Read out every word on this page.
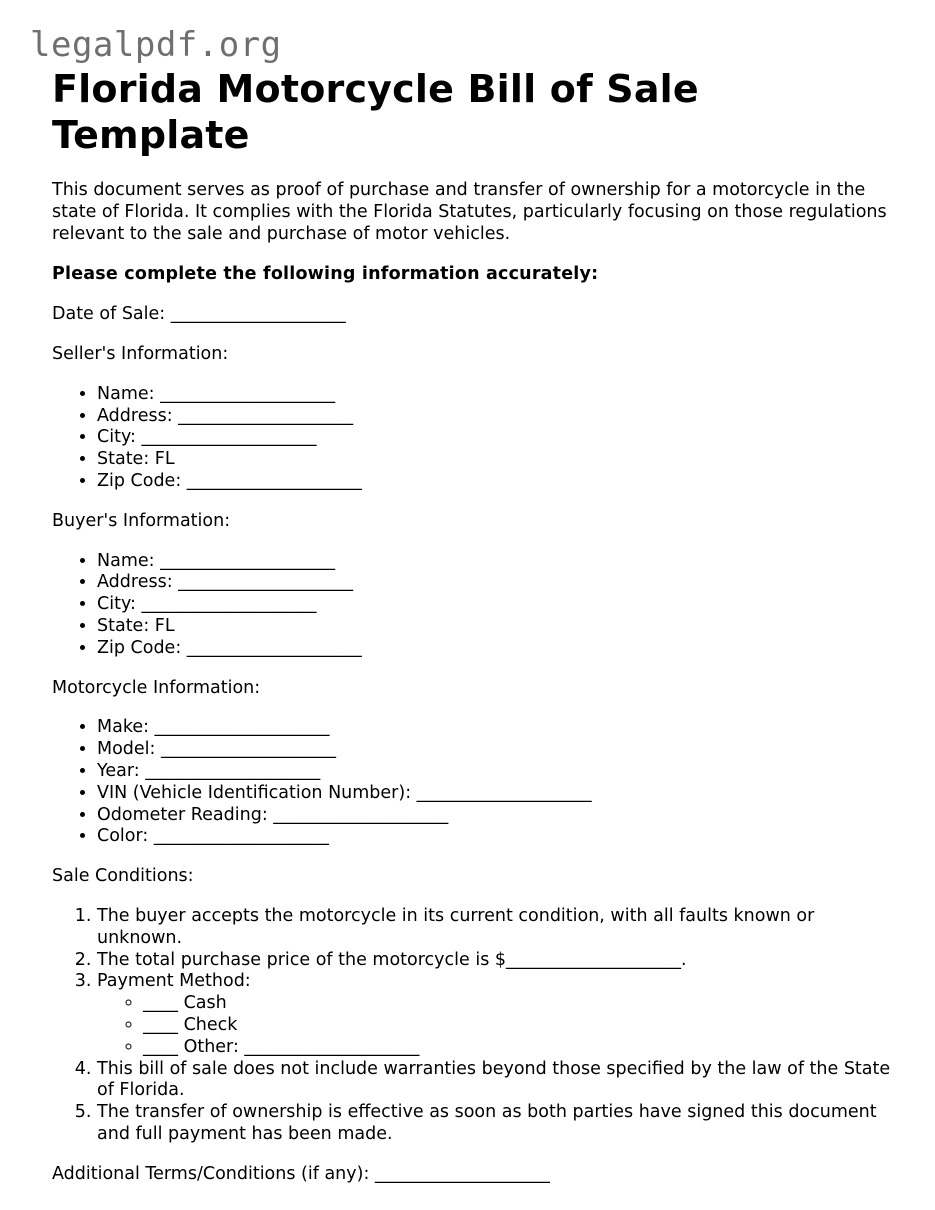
legalpdf.org
Florida Motorcycle Bill of Sale Template

This document serves as proof of purchase and transfer of ownership for a motorcycle in the state of Florida. It complies with the Florida Statutes, particularly focusing on those regulations relevant to the sale and purchase of motor vehicles.

Please complete the following information accurately:

Date of Sale: ____________________

Seller's Information:

• Name: ____________________
• Address: ____________________
• City: ____________________
• State: FL
• Zip Code: ____________________

Buyer's Information:

• Name: ____________________
• Address: ____________________
• City: ____________________
• State: FL
• Zip Code: ____________________

Motorcycle Information:

• Make: ____________________
• Model: ____________________
• Year: ____________________
• VIN (Vehicle Identification Number): ____________________
• Odometer Reading: ____________________
• Color: ____________________

Sale Conditions:

1. The buyer accepts the motorcycle in its current condition, with all faults known or unknown.
2. The total purchase price of the motorcycle is $____________________.
3. Payment Method:
◦ ____ Cash
◦ ____ Check
◦ ____ Other: ____________________
4. This bill of sale does not include warranties beyond those specified by the law of the State of Florida.
5. The transfer of ownership is effective as soon as both parties have signed this document and full payment has been made.

Additional Terms/Conditions (if any): ____________________
